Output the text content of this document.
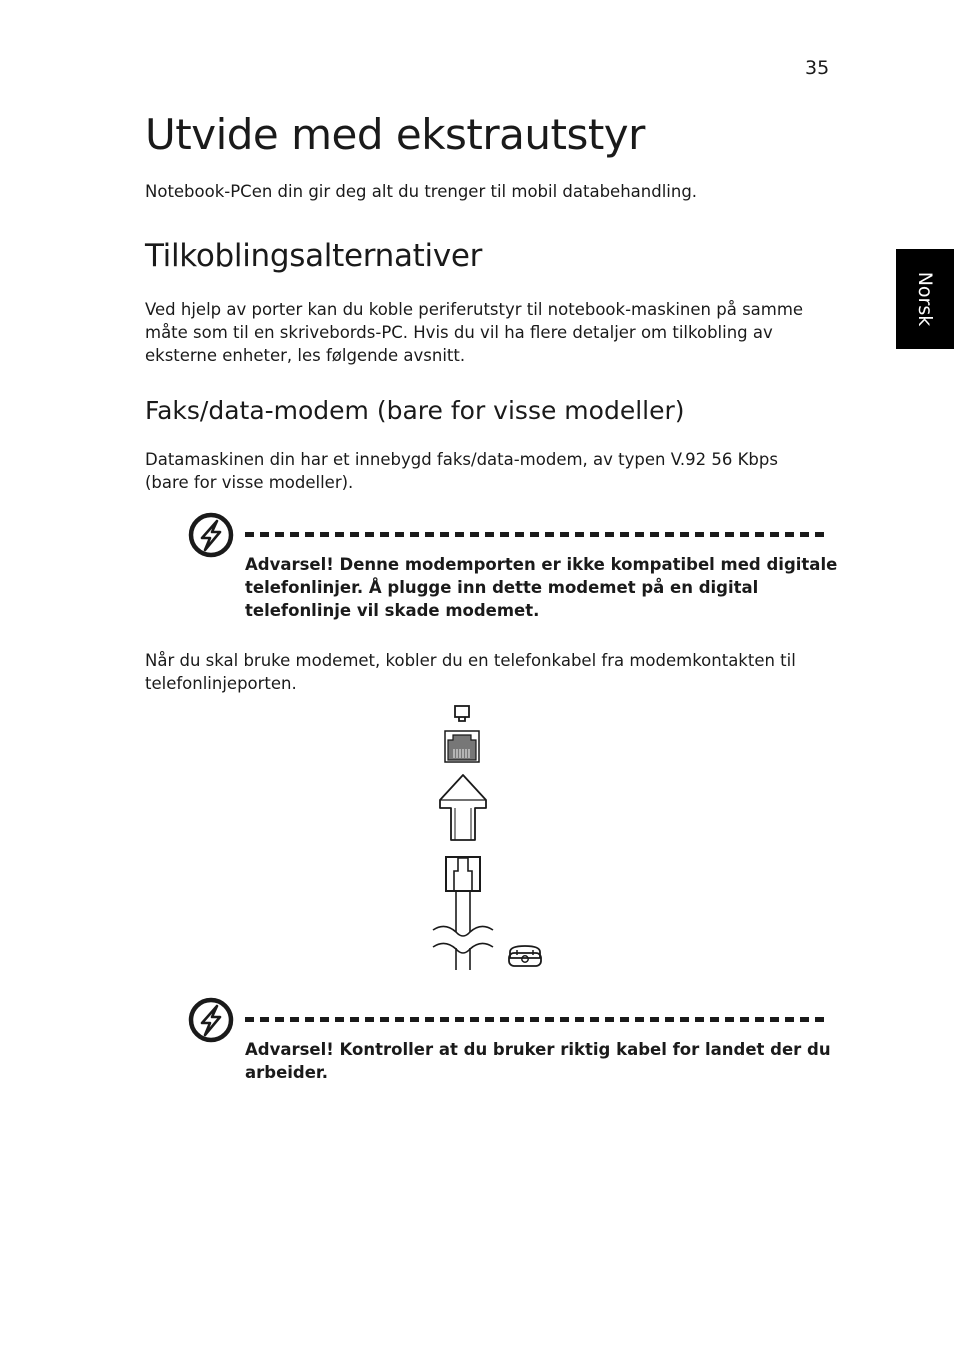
35
Norsk
Utvide med ekstrautstyr

Notebook-PCen din gir deg alt du trenger til mobil databehandling.

Tilkoblingsalternativer
Ved hjelp av porter kan du koble periferutstyr til notebook-maskinen på samme
måte som til en skrivebords-PC. Hvis du vil ha flere detaljer om tilkobling av
eksterne enheter, les følgende avsnitt.
Faks/data-modem (bare for visse modeller)
Datamaskinen din har et innebygd faks/data-modem, av typen V.92 56 Kbps
(bare for visse modeller).
Advarsel! Denne modemporten er ikke kompatibel med digitale
telefonlinjer. Å plugge inn dette modemet på en digital
telefonlinje vil skade modemet.
Når du skal bruke modemet, kobler du en telefonkabel fra modemkontakten til
telefonlinjeporten.
Advarsel! Kontroller at du bruker riktig kabel for landet der du
arbeider.
